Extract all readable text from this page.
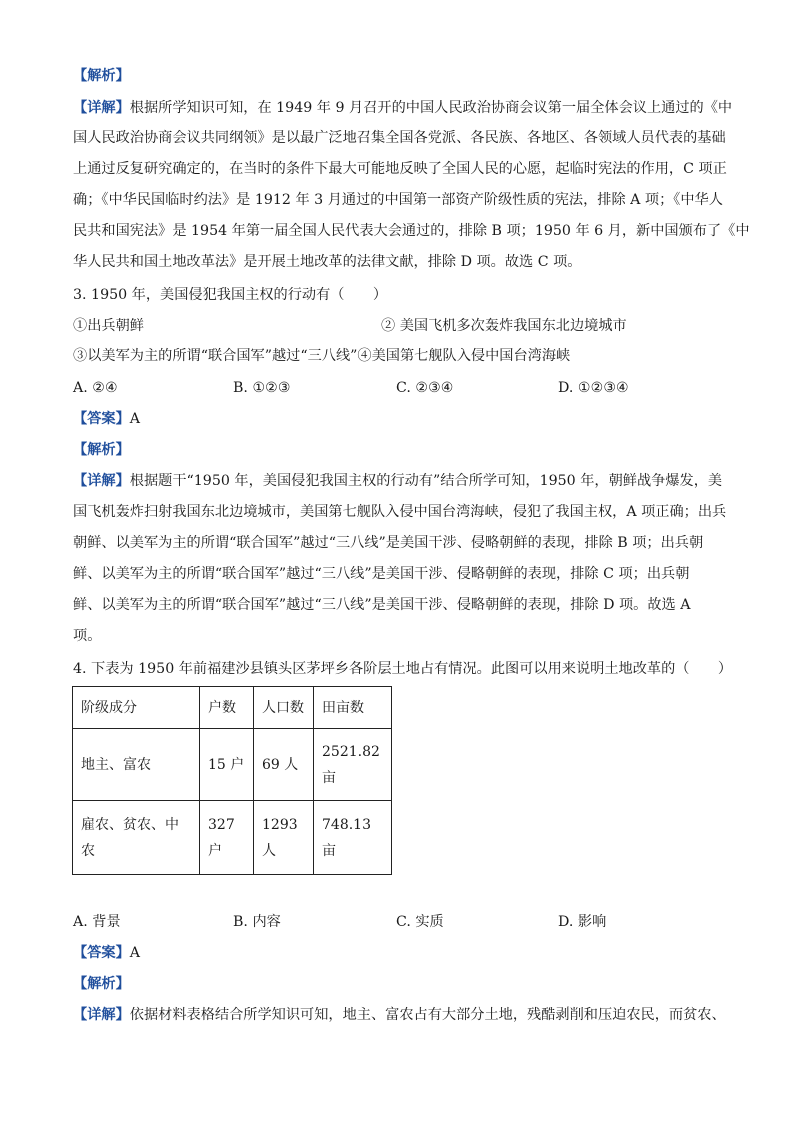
【解析】
【详解】根据所学知识可知，在 1949 年 9 月召开的中国人民政治协商会议第一届全体会议上通过的《中
国人民政治协商会议共同纲领》是以最广泛地召集全国各党派、各民族、各地区、各领域人员代表的基础
上通过反复研究确定的，在当时的条件下最大可能地反映了全国人民的心愿，起临时宪法的作用，C 项正
确；《中华民国临时约法》是 1912 年 3 月通过的中国第一部资产阶级性质的宪法，排除 A 项；《中华人
民共和国宪法》是 1954 年第一届全国人民代表大会通过的，排除 B 项；1950 年 6 月，新中国颁布了《中
华人民共和国土地改革法》是开展土地改革的法律文献，排除 D 项。故选 C 项。
3. 1950 年，美国侵犯我国主权的行动有（　　）
①出兵朝鲜	② 美国飞机多次轰炸我国东北边境城市
③以美军为主的所谓“联合国军”越过“三八线”④美国第七舰队入侵中国台湾海峡
A. ②④	B. ①②③	C. ②③④	D. ①②③④
【答案】A
【解析】
【详解】根据题干“1950 年，美国侵犯我国主权的行动有”结合所学可知，1950 年，朝鲜战争爆发，美
国飞机轰炸扫射我国东北边境城市，美国第七舰队入侵中国台湾海峡，侵犯了我国主权，A 项正确；出兵
朝鲜、以美军为主的所谓“联合国军”越过“三八线”是美国干涉、侵略朝鲜的表现，排除 B 项；出兵朝
鲜、以美军为主的所谓“联合国军”越过“三八线”是美国干涉、侵略朝鲜的表现，排除 C 项；出兵朝
鲜、以美军为主的所谓“联合国军”越过“三八线”是美国干涉、侵略朝鲜的表现，排除 D 项。故选 A
项。
4. 下表为 1950 年前福建沙县镇头区茅坪乡各阶层土地占有情况。此图可以用来说明土地改革的（　　）
阶级成分	户数	人口数	田亩数
地主、富农	15 户	69 人	2521.82 亩
雇农、贫农、中农	327 户	1293 人	748.13 亩
A. 背景	B. 内容	C. 实质	D. 影响
【答案】A
【解析】
【详解】依据材料表格结合所学知识可知，地主、富农占有大部分土地，残酷剥削和压迫农民，而贫农、
